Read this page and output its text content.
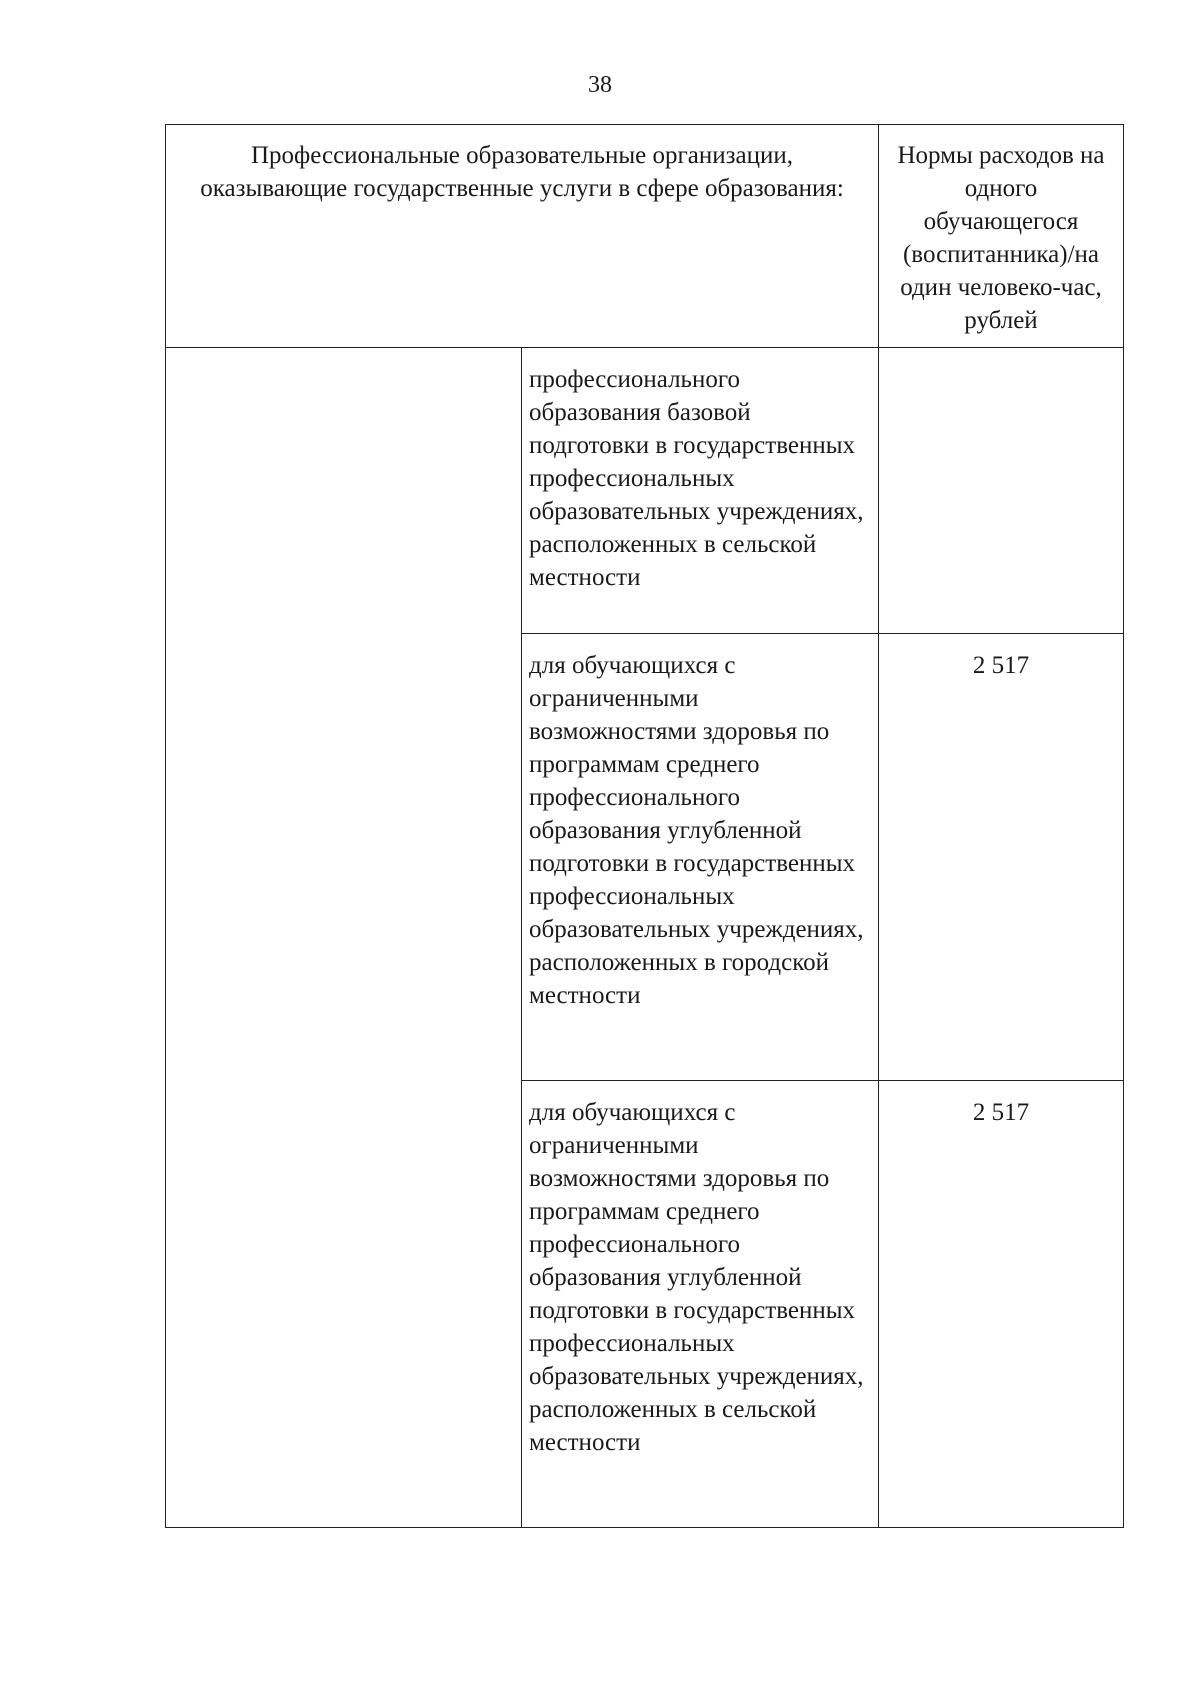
38
Профессиональные образовательные организации, оказывающие государственные услуги в сфере образования:		Нормы расходов на одного обучающегося (воспитанника)/на один человеко-час, рублей
	профессионального образования базовой подготовки в государственных профессиональных образовательных учреждениях, расположенных в сельской местности	
	для обучающихся с ограниченными возможностями здоровья по программам среднего профессионального образования углубленной подготовки в государственных профессиональных образовательных учреждениях, расположенных в городской местности	2 517
	для обучающихся с ограниченными возможностями здоровья по программам среднего профессионального образования углубленной подготовки в государственных профессиональных образовательных учреждениях, расположенных в сельской местности	2 517
